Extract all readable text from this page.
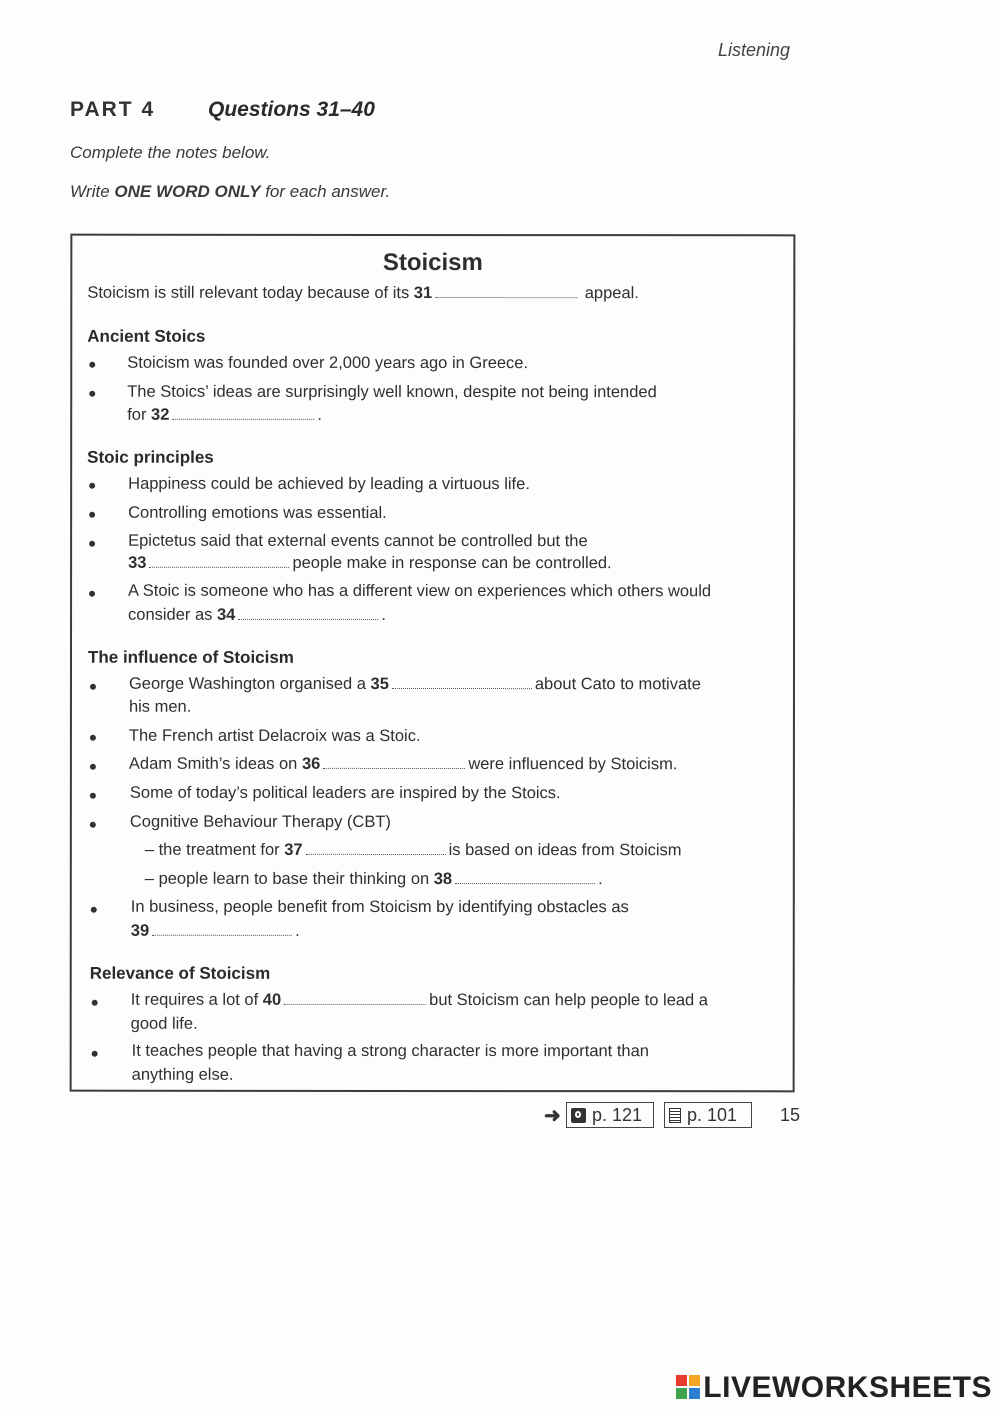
Listening
PART 4	Questions 31–40
Complete the notes below.
Write ONE WORD ONLY for each answer.
Stoicism
Stoicism is still relevant today because of its 31	appeal.
Ancient Stoics
Stoicism was founded over 2,000 years ago in Greece.
The Stoics’ ideas are surprisingly well known, despite not being intended
for 32	.
Stoic principles
Happiness could be achieved by leading a virtuous life.
Controlling emotions was essential.
Epictetus said that external events cannot be controlled but the
33	people make in response can be controlled.
A Stoic is someone who has a different view on experiences which others would
consider as 34	.
The influence of Stoicism
George Washington organised a 35	about Cato to motivate
his men.
The French artist Delacroix was a Stoic.
Adam Smith’s ideas on 36	were influenced by Stoicism.
Some of today’s political leaders are inspired by the Stoics.
Cognitive Behaviour Therapy (CBT)
– the treatment for 37	is based on ideas from Stoicism
– people learn to base their thinking on 38	.
In business, people benefit from Stoicism by identifying obstacles as
39	.
Relevance of Stoicism
It requires a lot of 40	but Stoicism can help people to lead a
good life.
It teaches people that having a strong character is more important than
anything else.
➜	p. 121	p. 101	15
LIVEWORKSHEETS
